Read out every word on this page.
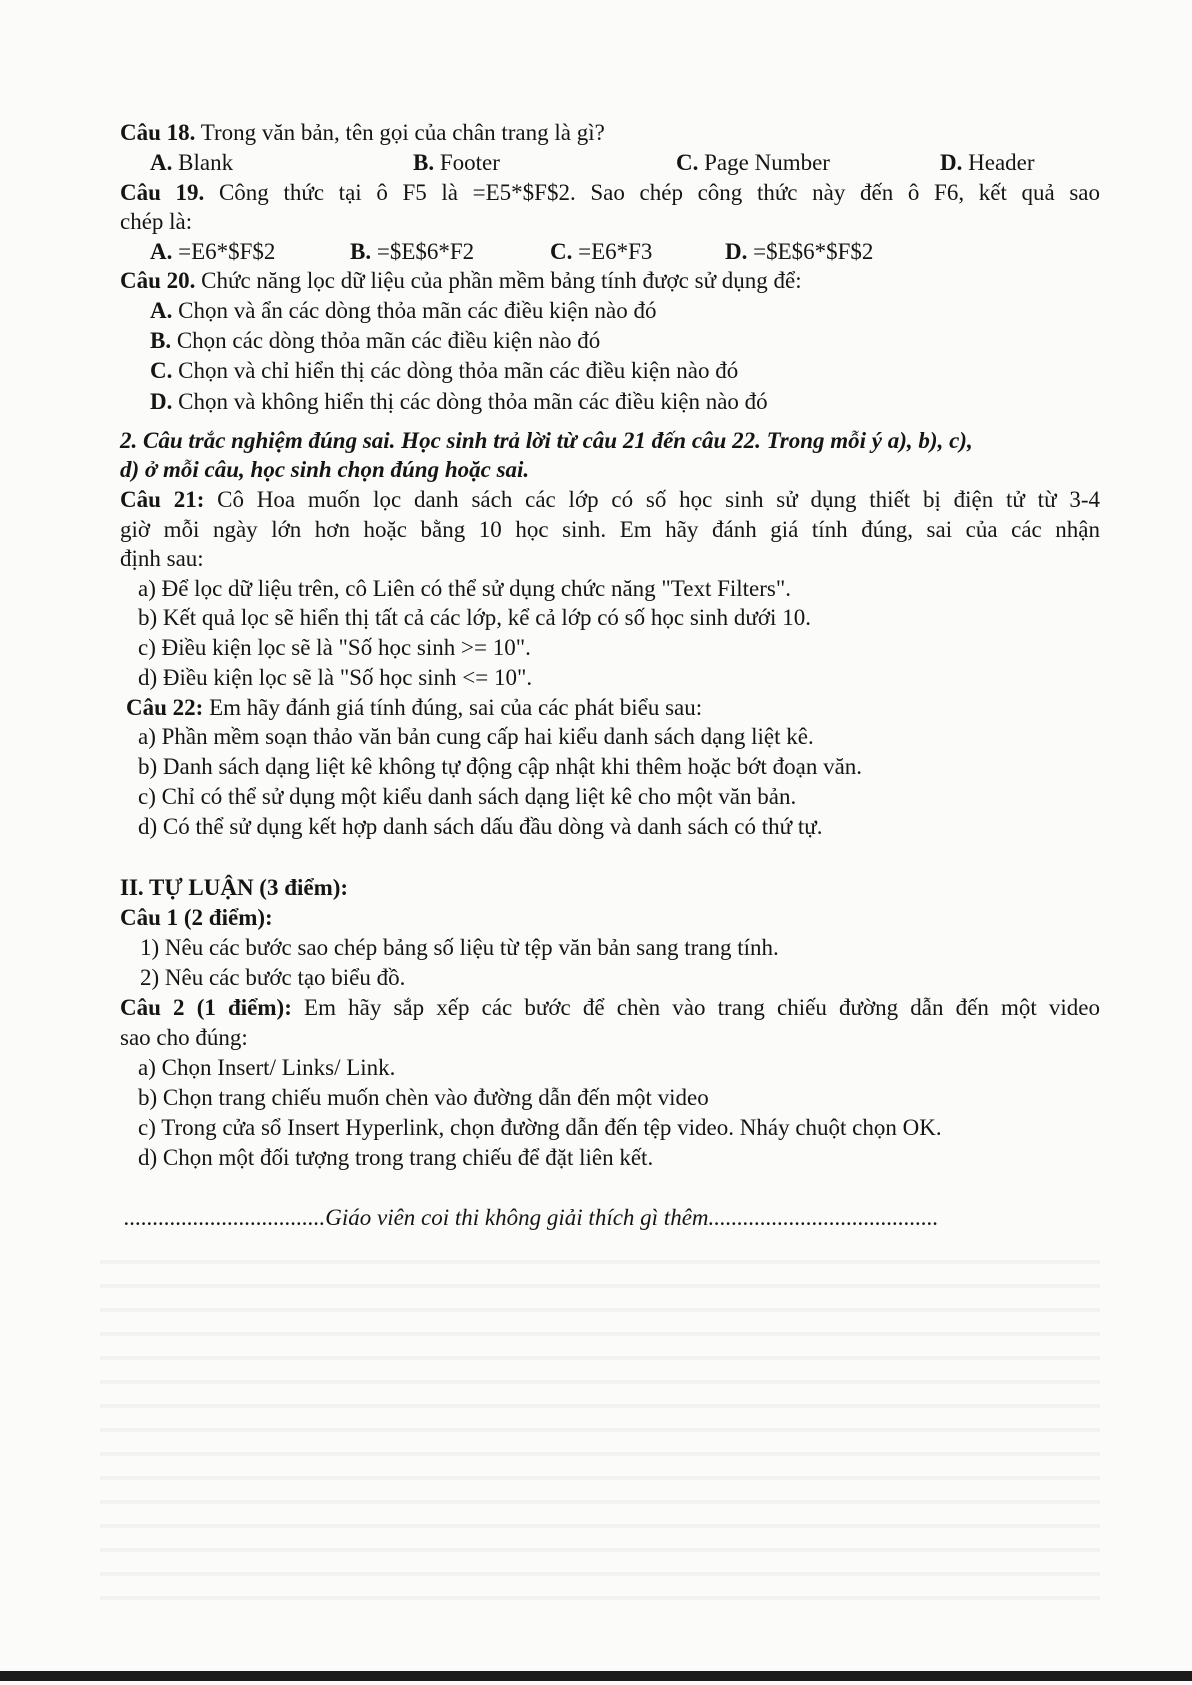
Câu 18. Trong văn bản, tên gọi của chân trang là gì?
A. Blank	B. Footer	C. Page Number	D. Header
Câu 19. Công thức tại ô F5 là =E5*$F$2. Sao chép công thức này đến ô F6, kết quả sao
chép là:
A. =E6*$F$2	B. =$E$6*F2	C. =E6*F3	D. =$E$6*$F$2
Câu 20. Chức năng lọc dữ liệu của phần mềm bảng tính được sử dụng để:
A. Chọn và ẩn các dòng thỏa mãn các điều kiện nào đó
B. Chọn các dòng thỏa mãn các điều kiện nào đó
C. Chọn và chỉ hiển thị các dòng thỏa mãn các điều kiện nào đó
D. Chọn và không hiển thị các dòng thỏa mãn các điều kiện nào đó
2. Câu trắc nghiệm đúng sai. Học sinh trả lời từ câu 21 đến câu 22. Trong mỗi ý a), b), c),
d) ở mỗi câu, học sinh chọn đúng hoặc sai.
Câu 21: Cô Hoa muốn lọc danh sách các lớp có số học sinh sử dụng thiết bị điện tử từ 3-4
giờ mỗi ngày lớn hơn hoặc bằng 10 học sinh. Em hãy đánh giá tính đúng, sai của các nhận
định sau:
a) Để lọc dữ liệu trên, cô Liên có thể sử dụng chức năng "Text Filters".
b) Kết quả lọc sẽ hiển thị tất cả các lớp, kể cả lớp có số học sinh dưới 10.
c) Điều kiện lọc sẽ là "Số học sinh >= 10".
d) Điều kiện lọc sẽ là "Số học sinh <= 10".
Câu 22: Em hãy đánh giá tính đúng, sai của các phát biểu sau:
a) Phần mềm soạn thảo văn bản cung cấp hai kiểu danh sách dạng liệt kê.
b) Danh sách dạng liệt kê không tự động cập nhật khi thêm hoặc bớt đoạn văn.
c) Chỉ có thể sử dụng một kiểu danh sách dạng liệt kê cho một văn bản.
d) Có thể sử dụng kết hợp danh sách dấu đầu dòng và danh sách có thứ tự.
II. TỰ LUẬN (3 điểm):
Câu 1 (2 điểm):
1) Nêu các bước sao chép bảng số liệu từ tệp văn bản sang trang tính.
2) Nêu các bước tạo biểu đồ.
Câu 2 (1 điểm): Em hãy sắp xếp các bước để chèn vào trang chiếu đường dẫn đến một video
sao cho đúng:
a) Chọn Insert/ Links/ Link.
b) Chọn trang chiếu muốn chèn vào đường dẫn đến một video
c) Trong cửa sổ Insert Hyperlink, chọn đường dẫn đến tệp video. Nháy chuột chọn OK.
d) Chọn một đối tượng trong trang chiếu để đặt liên kết.
...................................Giáo viên coi thi không giải thích gì thêm........................................
